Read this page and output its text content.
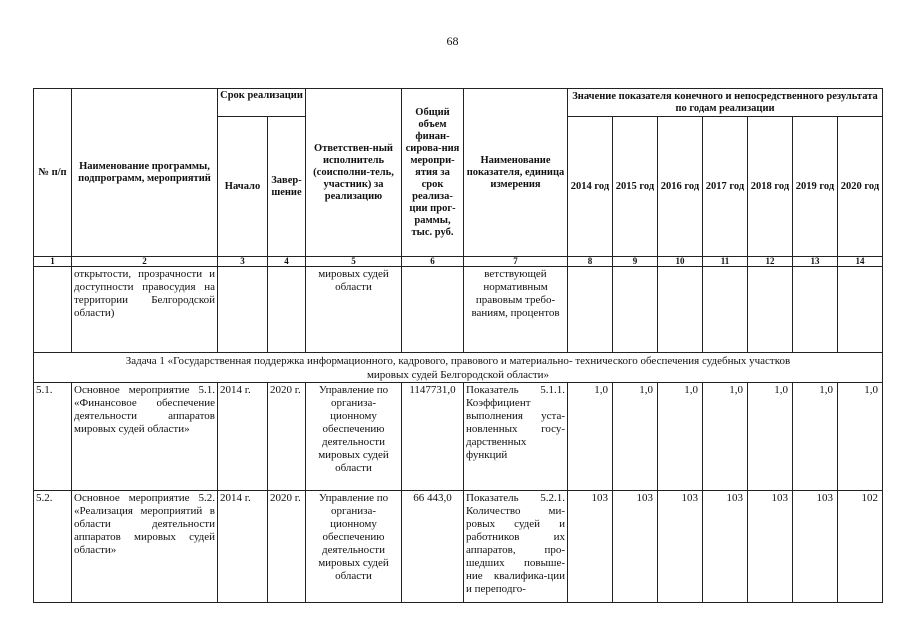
68
№ п/п	Наименование программы, подпрограмм, мероприятий	Срок реализации		Ответствен-ный исполнитель (соисполни-тель, участник) за реализацию	Общий объем финан-сирова-ния меропри-ятия за срок реализа-ции прог-раммы, тыс. руб.	Наименование показателя, единица измерения	Значение показателя конечного и непосредственного результата по годам реализации						
		Начало	Завер-шение				2014 год	2015 год	2016 год	2017 год	2018 год	2019 год	2020 год
1	2	3	4	5	6	7	8	9	10	11	12	13	14
	открытости, прозрачности и доступности правосудия на территории Белгородской области)			мировых судей области		ветствующей нормативным правовым требо-ваниям, процентов							
Задача 1 «Государственная поддержка информационного, кадрового, правового и материально- технического обеспечения судебных участков мировых судей Белгородской области»													
5.1.	Основное мероприятие 5.1. «Финансовое обеспечение деятельности аппаратов мировых судей области»	2014 г.	2020 г.	Управление по организа-ционному обеспечению деятельности мировых судей области	1147731,0	Показатель 5.1.1. Коэффициент выполнения уста-новленных госу-дарственных функций	1,0	1,0	1,0	1,0	1,0	1,0	1,0
5.2.	Основное мероприятие 5.2. «Реализация мероприятий в области деятельности аппаратов мировых судей области»	2014 г.	2020 г.	Управление по организа-ционному обеспечению деятельности мировых судей области	66 443,0	Показатель 5.2.1. Количество ми-ровых судей и работников их аппаратов, про-шедших повыше-ние квалифика-ции и переподго-	103	103	103	103	103	103	102
